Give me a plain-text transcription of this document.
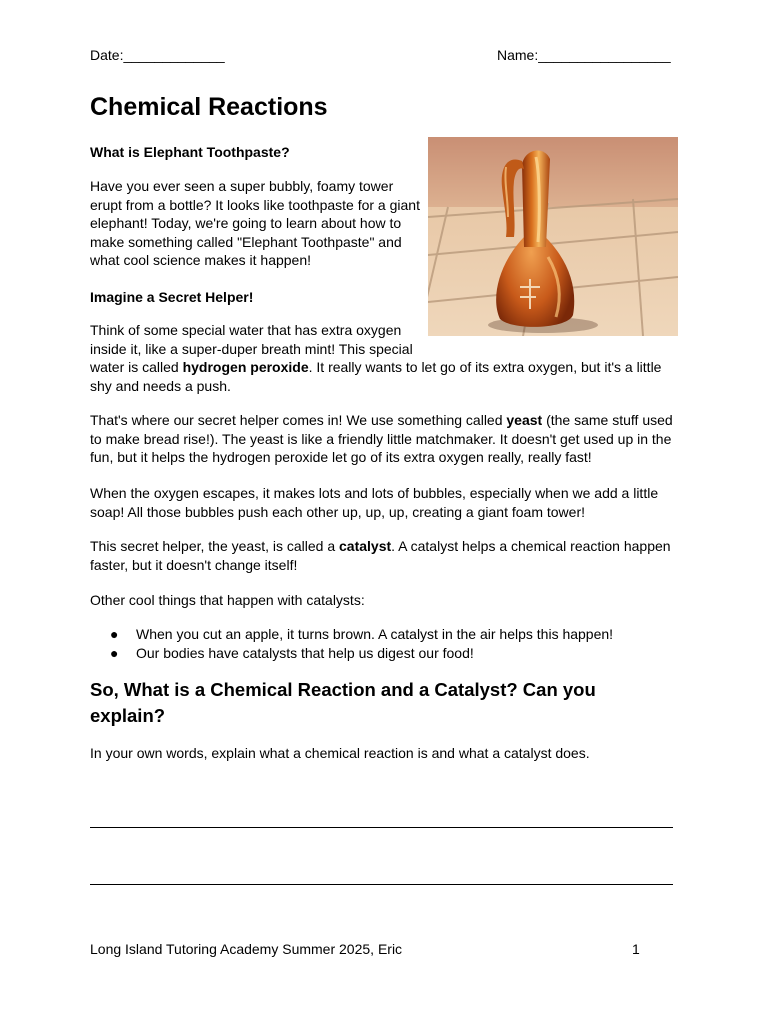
Date:_____________	Name:_________________
Chemical Reactions
What is Elephant Toothpaste?

Have you ever seen a super bubbly, foamy tower erupt from a bottle? It looks like toothpaste for a giant elephant! Today, we're going to learn about how to make something called "Elephant Toothpaste" and what cool science makes it happen!

Imagine a Secret Helper!

Think of some special water that has extra oxygen inside it, like a super-duper breath mint! This special

water is called hydrogen peroxide. It really wants to let go of its extra oxygen, but it's a little shy and needs a push.

That's where our secret helper comes in! We use something called yeast (the same stuff used to make bread rise!). The yeast is like a friendly little matchmaker. It doesn't get used up in the fun, but it helps the hydrogen peroxide let go of its extra oxygen really, really fast!

When the oxygen escapes, it makes lots and lots of bubbles, especially when we add a little soap! All those bubbles push each other up, up, up, creating a giant foam tower!

This secret helper, the yeast, is called a catalyst. A catalyst helps a chemical reaction happen faster, but it doesn't change itself!

Other cool things that happen with catalysts:

● When you cut an apple, it turns brown. A catalyst in the air helps this happen!
● Our bodies have catalysts that help us digest our food!
So, What is a Chemical Reaction and a Catalyst? Can you explain?

In your own words, explain what a chemical reaction is and what a catalyst does.

Long Island Tutoring Academy Summer 2025, Eric	1
